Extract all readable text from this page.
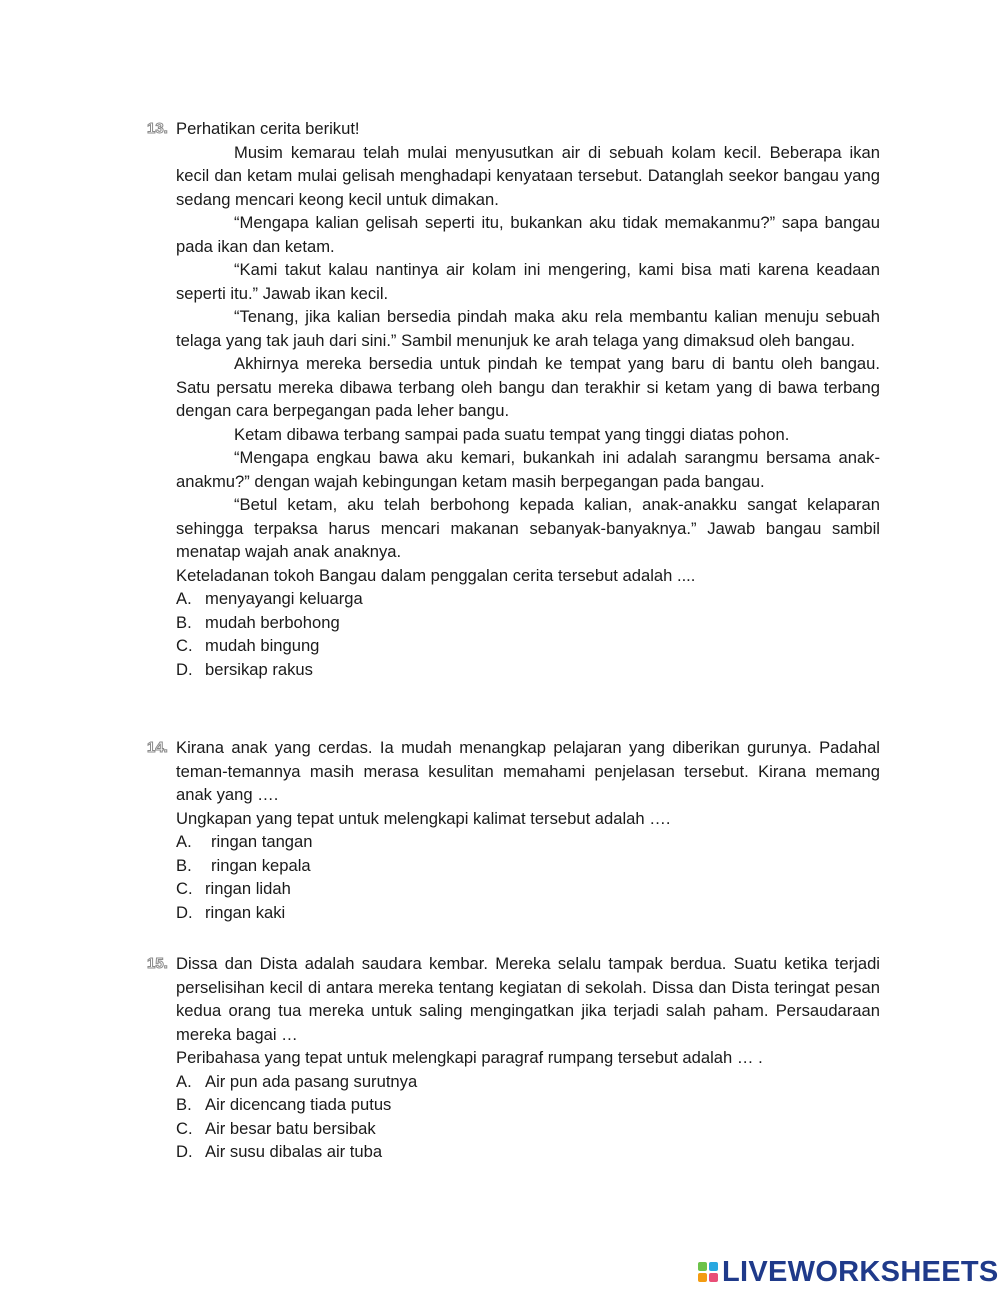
13. Perhatikan cerita berikut!

Musim kemarau telah mulai menyusutkan air di sebuah kolam kecil. Beberapa ikan kecil dan ketam mulai gelisah menghadapi kenyataan tersebut. Datanglah seekor bangau yang sedang mencari keong kecil untuk dimakan.

“Mengapa kalian gelisah seperti itu, bukankan aku tidak memakanmu?” sapa bangau pada ikan dan ketam.

“Kami takut kalau nantinya air kolam ini mengering, kami bisa mati karena keadaan seperti itu.” Jawab ikan kecil.

“Tenang, jika kalian bersedia pindah maka aku rela membantu kalian menuju sebuah telaga yang tak jauh dari sini.” Sambil menunjuk ke arah telaga yang dimaksud oleh bangau.

Akhirnya mereka bersedia untuk pindah ke tempat yang baru di bantu oleh bangau. Satu persatu mereka dibawa terbang oleh bangu dan terakhir si ketam yang di bawa terbang dengan cara berpegangan pada leher bangu.

Ketam dibawa terbang sampai pada suatu tempat yang tinggi diatas pohon.

“Mengapa engkau bawa aku kemari, bukankah ini adalah sarangmu bersama anak-anakmu?” dengan wajah kebingungan ketam masih berpegangan pada bangau.

“Betul ketam, aku telah berbohong kepada kalian, anak-anakku sangat kelaparan sehingga terpaksa harus mencari makanan sebanyak-banyaknya.” Jawab bangau sambil menatap wajah anak anaknya.

Keteladanan tokoh Bangau dalam penggalan cerita tersebut adalah ....

A. menyayangi keluarga
B. mudah berbohong
C. mudah bingung
D. bersikap rakus
14. Kirana anak yang cerdas. Ia mudah menangkap pelajaran yang diberikan gurunya. Padahal teman-temannya masih merasa kesulitan memahami penjelasan tersebut. Kirana memang anak yang ….

Ungkapan yang tepat untuk melengkapi kalimat tersebut adalah ….

A.	ringan tangan
B.	ringan kepala
C. ringan lidah
D. ringan kaki
15. Dissa dan Dista adalah saudara kembar. Mereka selalu tampak berdua. Suatu ketika terjadi perselisihan kecil di antara mereka tentang kegiatan di sekolah. Dissa dan Dista teringat pesan kedua orang tua mereka untuk saling mengingatkan jika terjadi salah paham. Persaudaraan mereka bagai …

Peribahasa yang tepat untuk melengkapi paragraf rumpang tersebut adalah … .

A. Air pun ada pasang surutnya
B. Air dicencang tiada putus
C. Air besar batu bersibak
D. Air susu dibalas air tuba
LIVEWORKSHEETS
